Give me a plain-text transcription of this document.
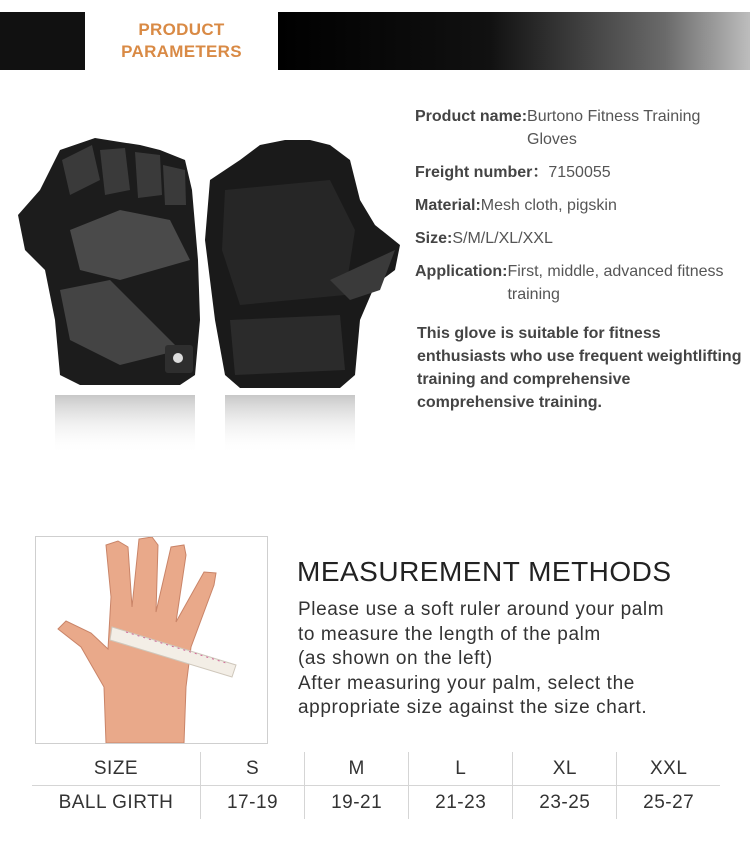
PRODUCT
PARAMETERS
Product name: Burtono Fitness Training Gloves
Freight number： 7150055
Material: Mesh cloth, pigskin
Size: S/M/L/XL/XXL
Application: First, middle, advanced fitness training
This glove is suitable for fitness enthusiasts who use frequent weightlifting training and comprehensive comprehensive training.
MEASUREMENT METHODS
Please use a soft ruler around your palm
to measure the length of the palm
(as shown on the left)
After measuring your palm, select the
appropriate size against the size chart.
SIZE	S	M	L	XL	XXL
BALL GIRTH	17-19	19-21	21-23	23-25	25-27
